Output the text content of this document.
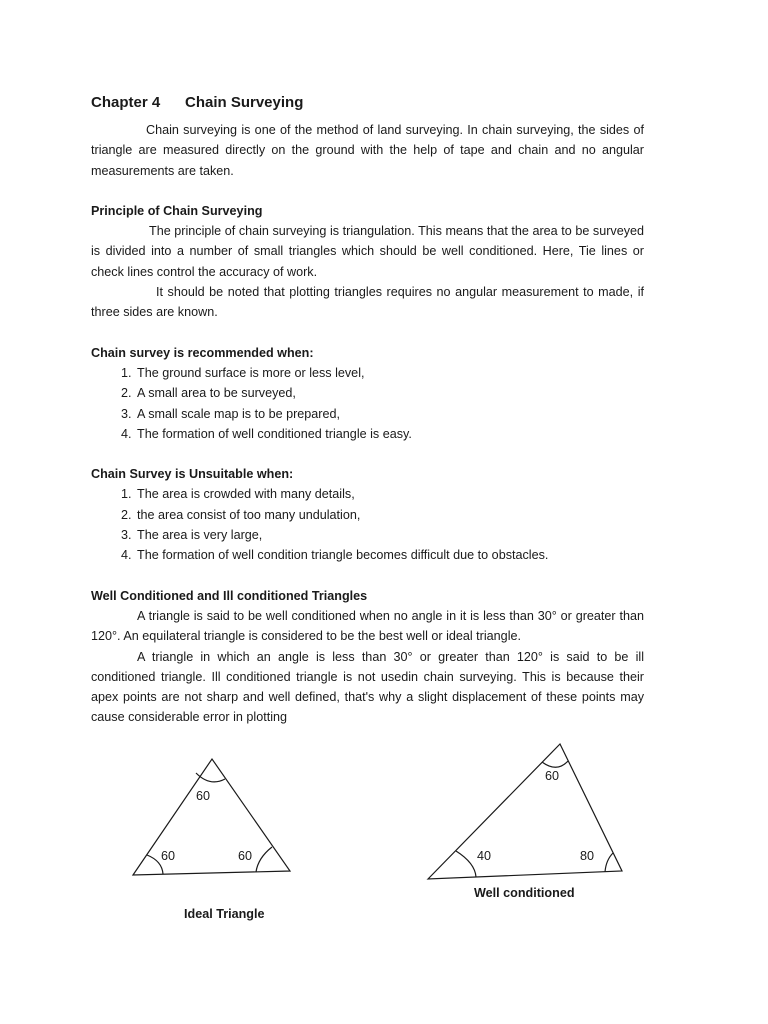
Chapter 4 Chain Surveying

Chain surveying is one of the method of land surveying. In chain surveying, the sides of triangle are measured directly on the ground with the help of tape and chain and no angular measurements are taken.

Principle of Chain Surveying

The principle of chain surveying is triangulation. This means that the area to be surveyed is divided into a number of small triangles which should be well conditioned. Here, Tie lines or check lines control the accuracy of work.

It should be noted that plotting triangles requires no angular measurement to made, if three sides are known.

Chain survey is recommended when:
1. The ground surface is more or less level,
2. A small area to be surveyed,
3. A small scale map is to be prepared,
4. The formation of well conditioned triangle is easy.
Chain Survey is Unsuitable when:
1. The area is crowded with many details,
2. the area consist of too many undulation,
3. The area is very large,
4. The formation of well condition triangle becomes difficult due to obstacles.
Well Conditioned and Ill conditioned Triangles

A triangle is said to be well conditioned when no angle in it is less than 30° or greater than 120°. An equilateral triangle is considered to be the best well or ideal triangle.

A triangle in which an angle is less than 30° or greater than 120° is said to be ill conditioned triangle. Ill conditioned triangle is not usedin chain surveying. This is because their apex points are not sharp and well defined, that's why a slight displacement of these points may cause considerable error in plotting

60
60	60
60
40	80
Ideal Triangle
Well conditioned
